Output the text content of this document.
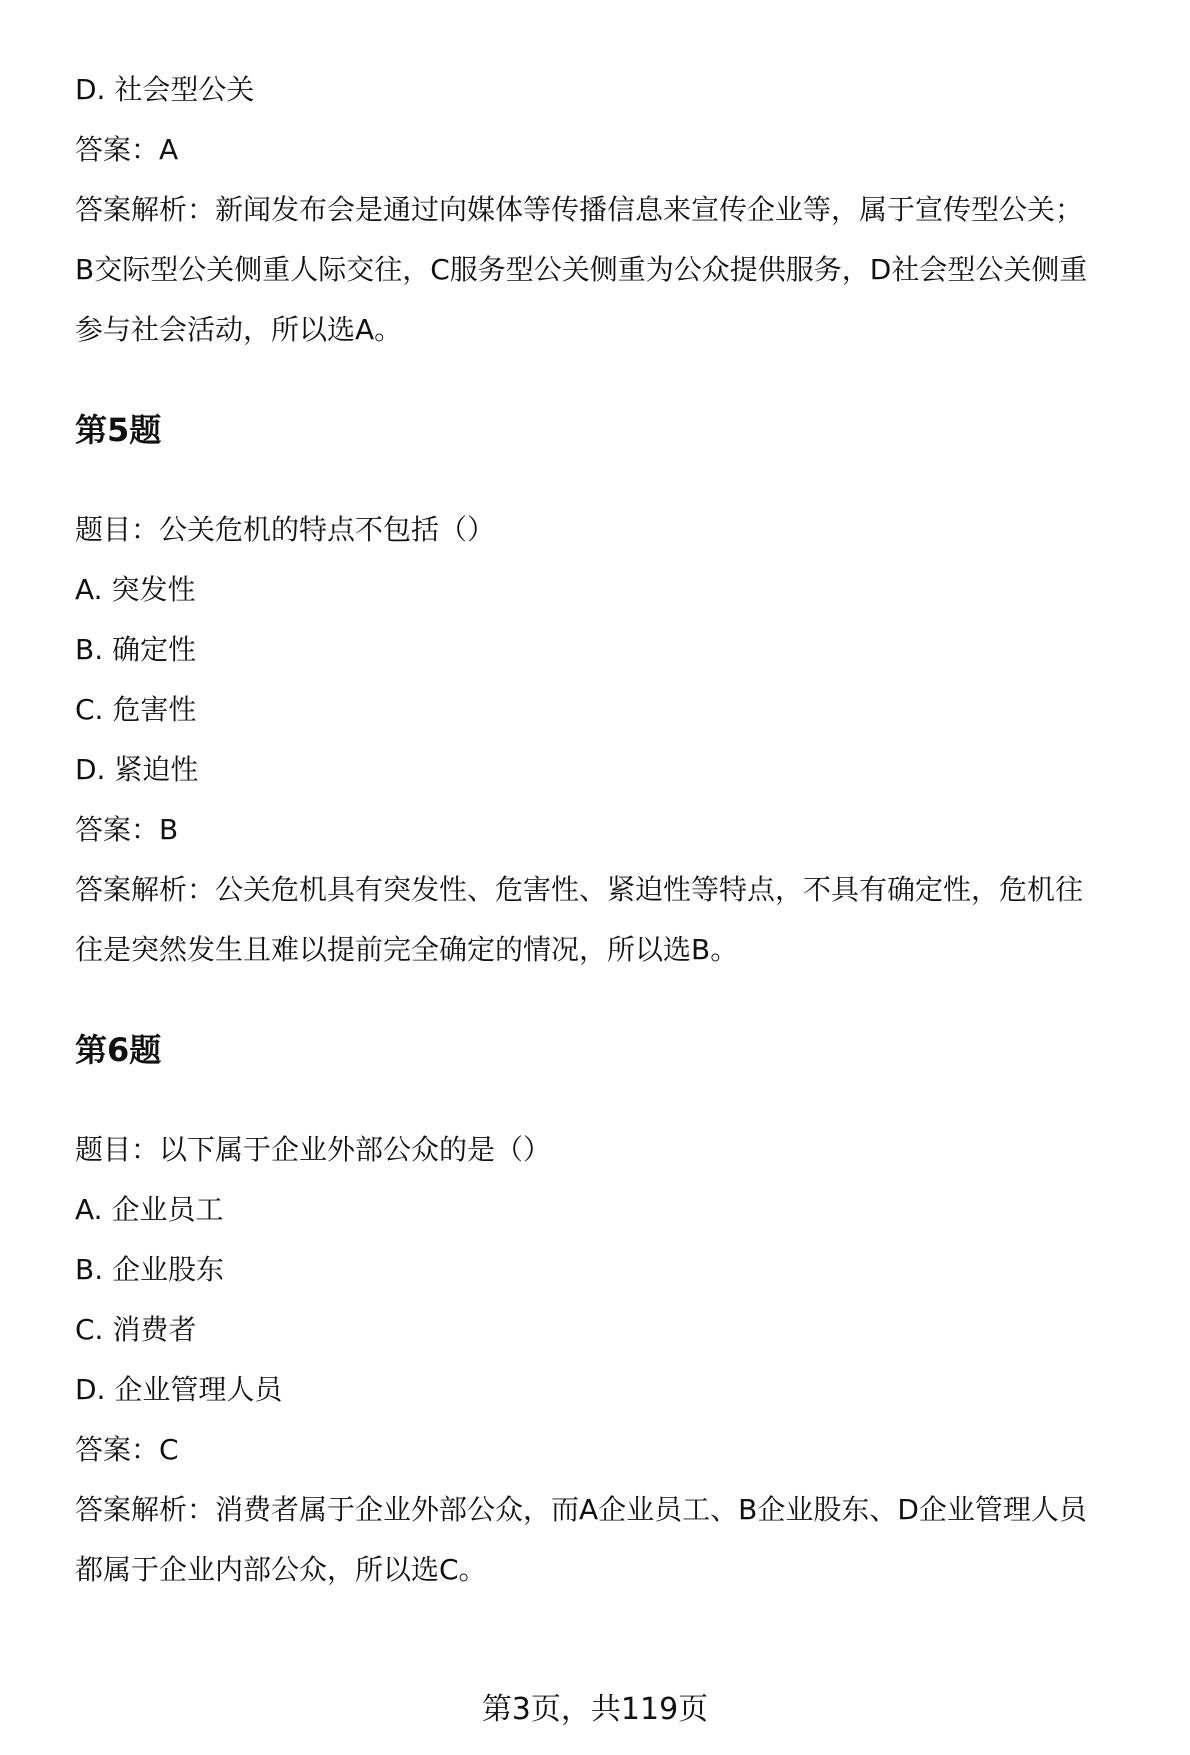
D. 社会型公关

答案：A

答案解析：新闻发布会是通过向媒体等传播信息来宣传企业等，属于宣传型公关；

B交际型公关侧重人际交往，C服务型公关侧重为公众提供服务，D社会型公关侧重

参与社会活动，所以选A。

第5题

题目：公关危机的特点不包括（）

A. 突发性

B. 确定性

C. 危害性

D. 紧迫性

答案：B

答案解析：公关危机具有突发性、危害性、紧迫性等特点，不具有确定性，危机往

往是突然发生且难以提前完全确定的情况，所以选B。

第6题

题目：以下属于企业外部公众的是（）

A. 企业员工

B. 企业股东

C. 消费者

D. 企业管理人员

答案：C

答案解析：消费者属于企业外部公众，而A企业员工、B企业股东、D企业管理人员

都属于企业内部公众，所以选C。

第3页，共119页
